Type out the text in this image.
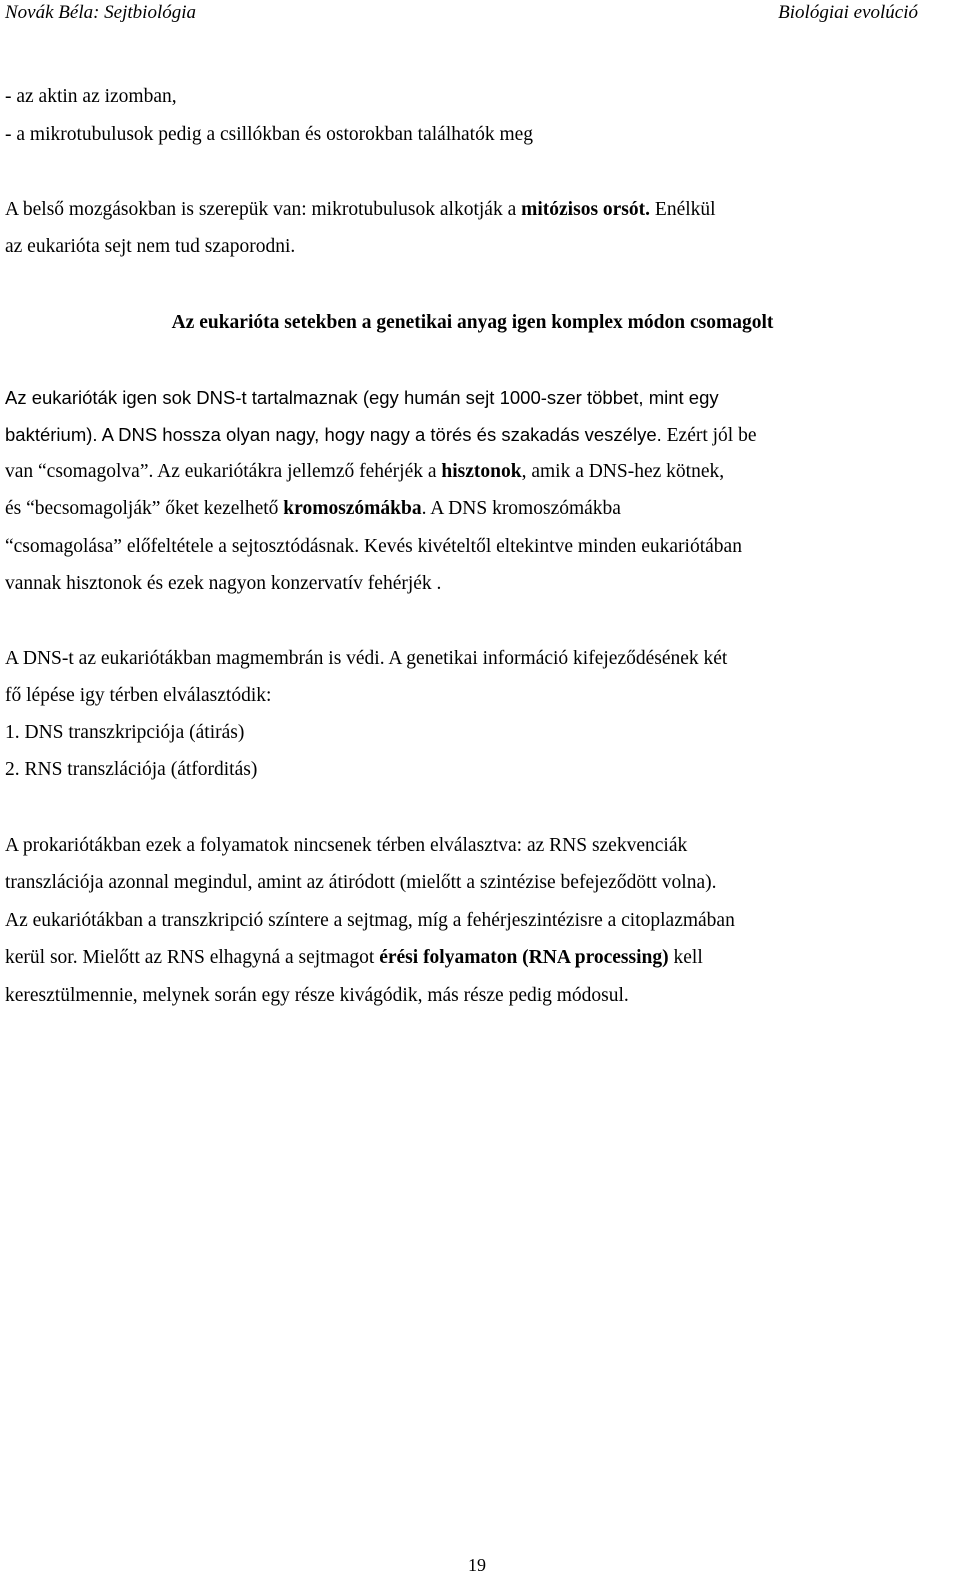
Novák Béla: Sejtbiológia	Biológiai evolúció
- az aktin az izomban,
- a mikrotubulusok pedig a csillókban és ostorokban találhatók meg
A belső mozgásokban is szerepük van: mikrotubulusok alkotják a mitózisos orsót. Enélkül
az eukarióta sejt nem tud szaporodni.
Az eukarióta setekben a genetikai anyag igen komplex módon csomagolt
Az eukarióták igen sok DNS-t tartalmaznak (egy humán sejt 1000-szer többet, mint egy
baktérium). A DNS hossza olyan nagy, hogy nagy a törés és szakadás veszélye. Ezért jól be
van “csomagolva”. Az eukariótákra jellemző fehérjék a hisztonok, amik a DNS-hez kötnek,
és “becsomagolják” őket kezelhető kromoszómákba. A DNS kromoszómákba
“csomagolása” előfeltétele a sejtosztódásnak. Kevés kivételtől eltekintve minden eukariótában
vannak hisztonok és ezek nagyon konzervatív fehérjék .
A DNS-t az eukariótákban magmembrán is védi. A genetikai információ kifejeződésének két
fő lépése igy térben elválasztódik:
1. DNS transzkripciója (átirás)
2. RNS transzlációja (átforditás)
A prokariótákban ezek a folyamatok nincsenek térben elválasztva: az RNS szekvenciák
transzlációja azonnal megindul, amint az átiródott (mielőtt a szintézise befejeződött volna).
Az eukariótákban a transzkripció színtere a sejtmag, míg a fehérjeszintézisre a citoplazmában
kerül sor. Mielőtt az RNS elhagyná a sejtmagot érési folyamaton (RNA processing) kell
keresztülmennie, melynek során egy része kivágódik, más része pedig módosul.
19
